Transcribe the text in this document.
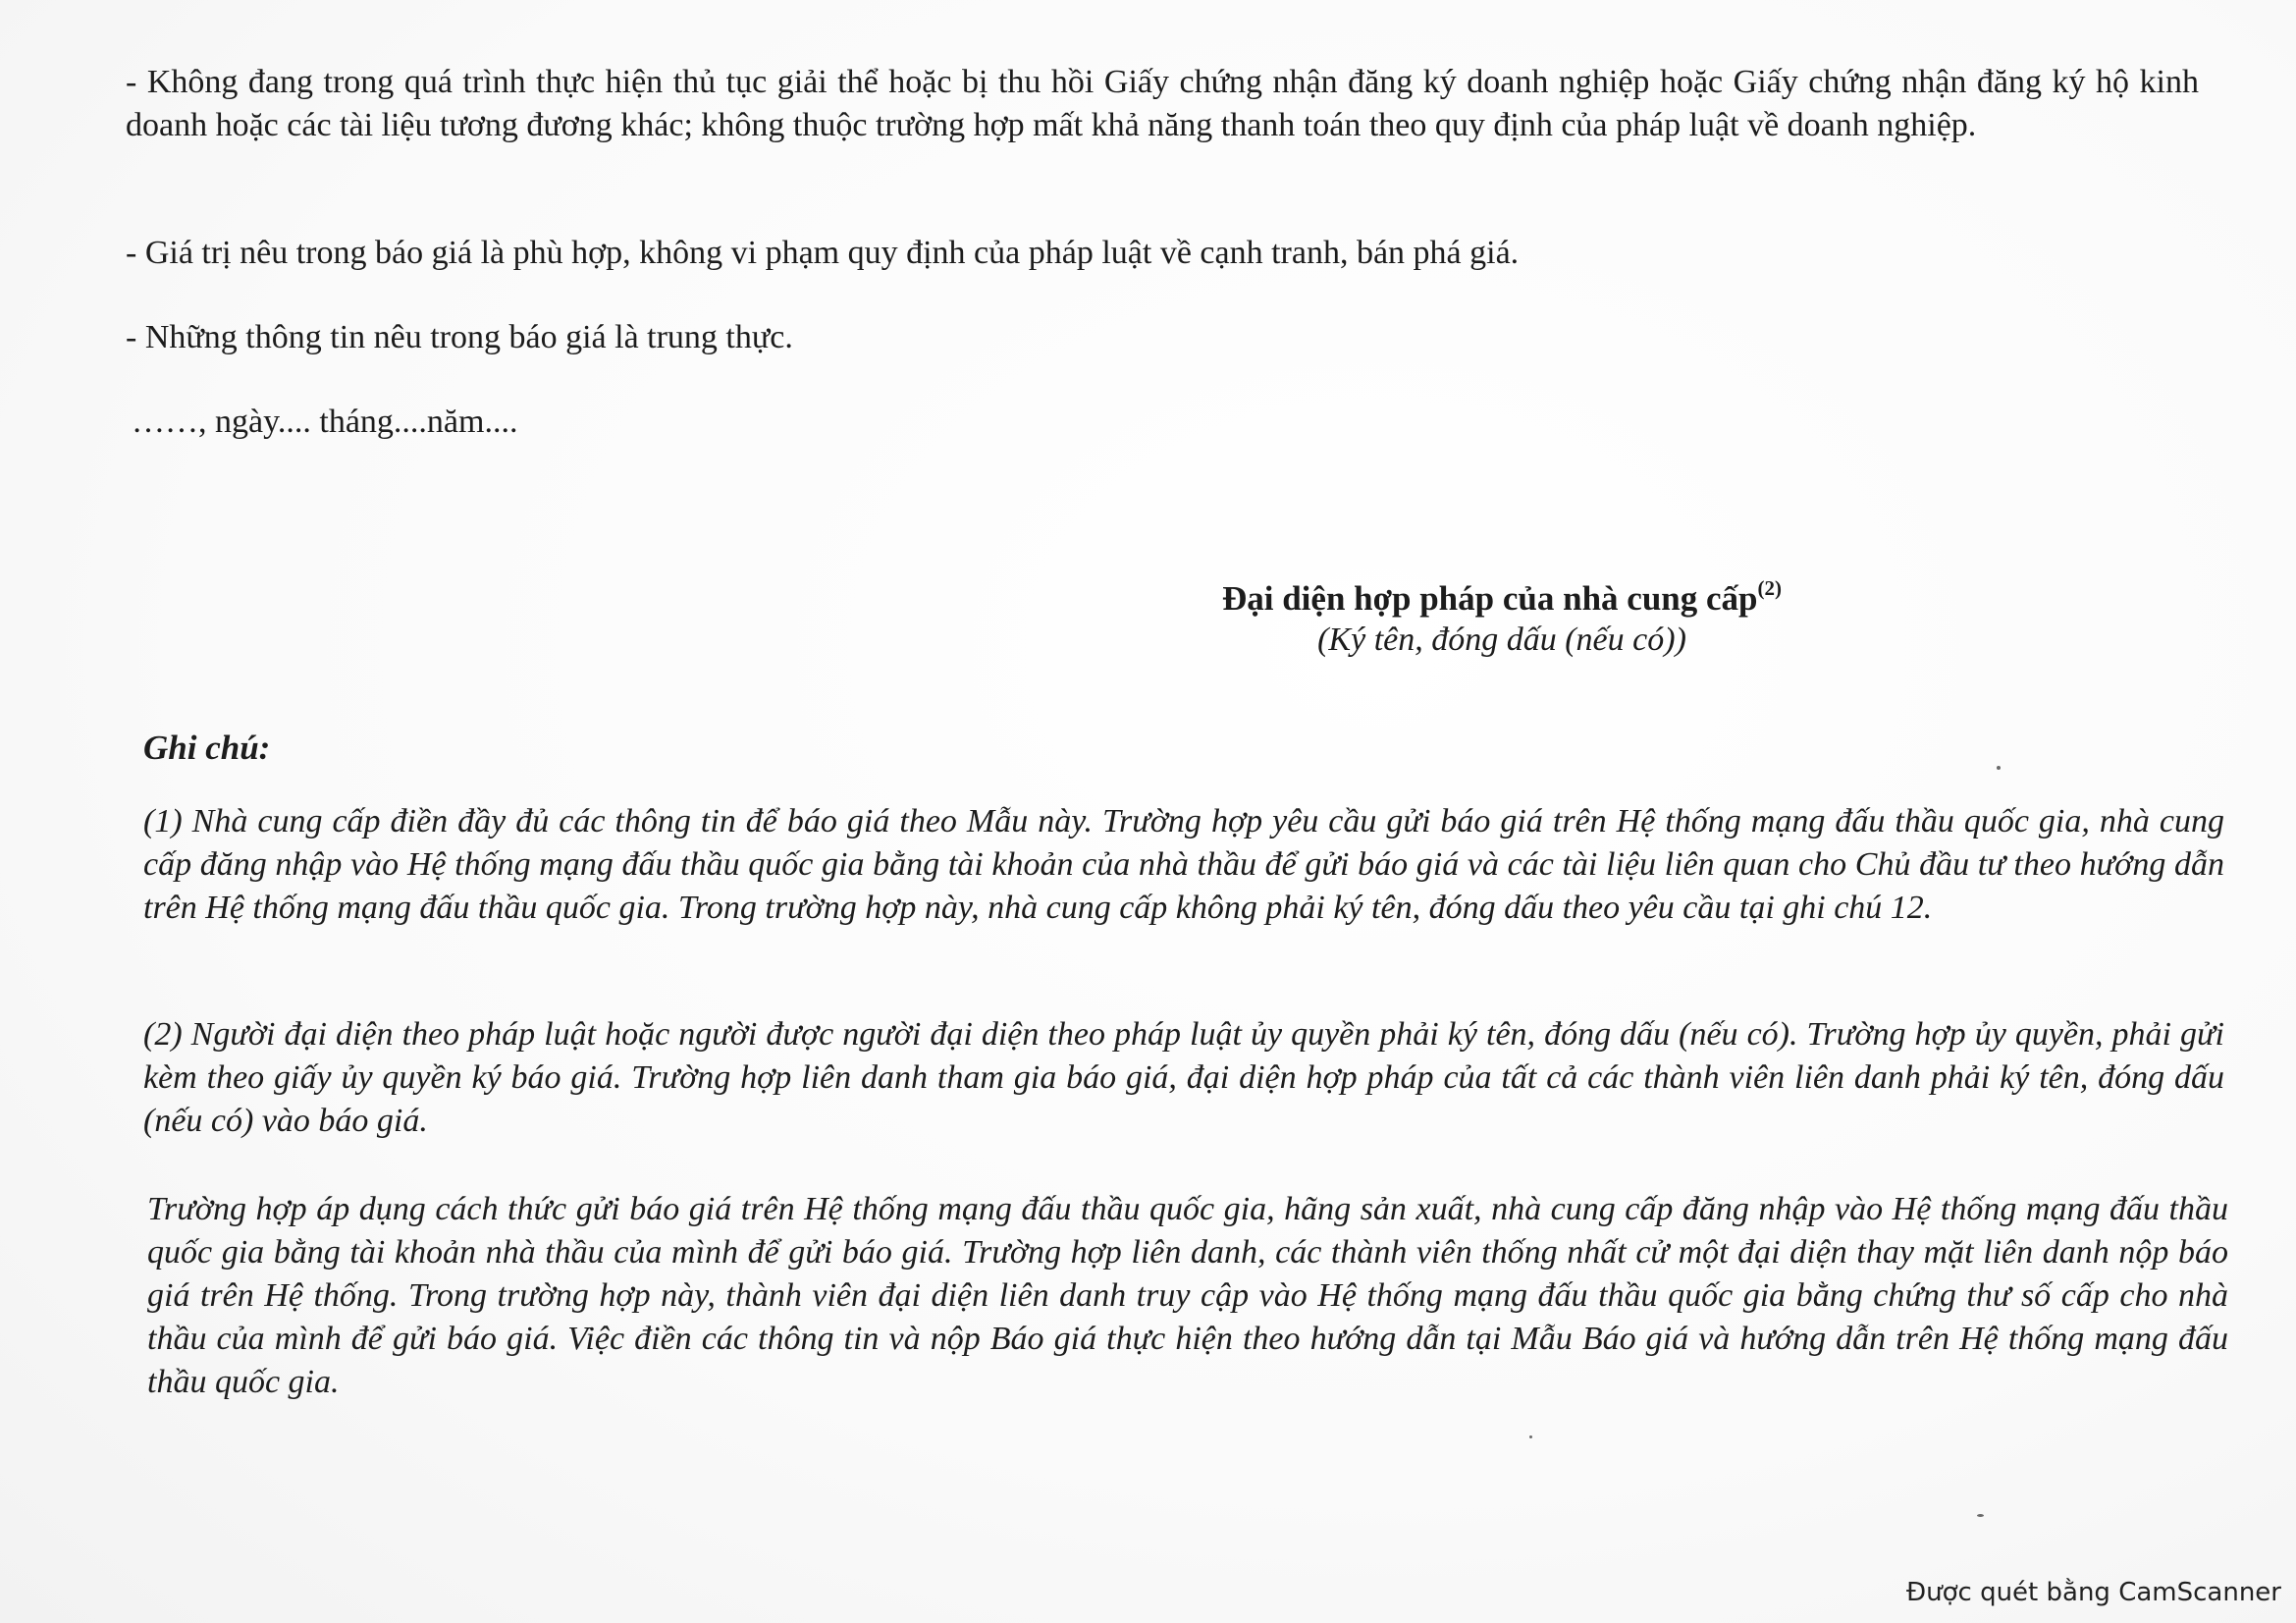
- Không đang trong quá trình thực hiện thủ tục giải thể hoặc bị thu hồi Giấy chứng nhận đăng ký doanh nghiệp hoặc Giấy chứng nhận đăng ký hộ kinh doanh hoặc các tài liệu tương đương khác; không thuộc trường hợp mất khả năng thanh toán theo quy định của pháp luật về doanh nghiệp.

- Giá trị nêu trong báo giá là phù hợp, không vi phạm quy định của pháp luật về cạnh tranh, bán phá giá.

- Những thông tin nêu trong báo giá là trung thực.

……, ngày.... tháng....năm....

Đại diện hợp pháp của nhà cung cấp$^{(2)}$

(Ký tên, đóng dấu (nếu có))

Ghi chú:

(1) Nhà cung cấp điền đầy đủ các thông tin để báo giá theo Mẫu này. Trường hợp yêu cầu gửi báo giá trên Hệ thống mạng đấu thầu quốc gia, nhà cung cấp đăng nhập vào Hệ thống mạng đấu thầu quốc gia bằng tài khoản của nhà thầu để gửi báo giá và các tài liệu liên quan cho Chủ đầu tư theo hướng dẫn trên Hệ thống mạng đấu thầu quốc gia. Trong trường hợp này, nhà cung cấp không phải ký tên, đóng dấu theo yêu cầu tại ghi chú 12.

(2) Người đại diện theo pháp luật hoặc người được người đại diện theo pháp luật ủy quyền phải ký tên, đóng dấu (nếu có). Trường hợp ủy quyền, phải gửi kèm theo giấy ủy quyền ký báo giá. Trường hợp liên danh tham gia báo giá, đại diện hợp pháp của tất cả các thành viên liên danh phải ký tên, đóng dấu (nếu có) vào báo giá.

Trường hợp áp dụng cách thức gửi báo giá trên Hệ thống mạng đấu thầu quốc gia, hãng sản xuất, nhà cung cấp đăng nhập vào Hệ thống mạng đấu thầu quốc gia bằng tài khoản nhà thầu của mình để gửi báo giá. Trường hợp liên danh, các thành viên thống nhất cử một đại diện thay mặt liên danh nộp báo giá trên Hệ thống. Trong trường hợp này, thành viên đại diện liên danh truy cập vào Hệ thống mạng đấu thầu quốc gia bằng chứng thư số cấp cho nhà thầu của mình để gửi báo giá. Việc điền các thông tin và nộp Báo giá thực hiện theo hướng dẫn tại Mẫu Báo giá và hướng dẫn trên Hệ thống mạng đấu thầu quốc gia.

Được quét bằng CamScanner
